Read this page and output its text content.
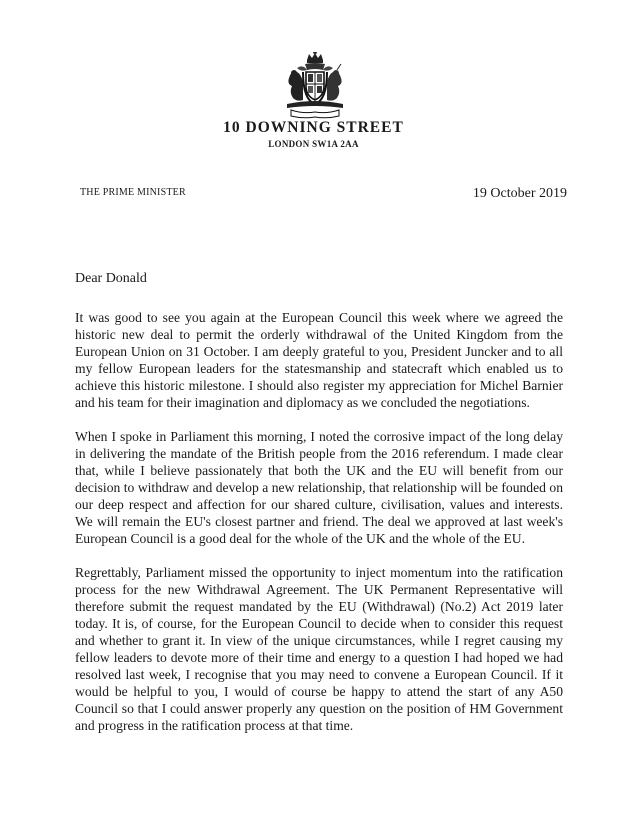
10 DOWNING STREET
LONDON SW1A 2AA
THE PRIME MINISTER	19 October 2019
Dear Donald

It was good to see you again at the European Council this week where we agreed the historic new deal to permit the orderly withdrawal of the United Kingdom from the European Union on 31 October. I am deeply grateful to you, President Juncker and to all my fellow European leaders for the statesmanship and statecraft which enabled us to achieve this historic milestone. I should also register my appreciation for Michel Barnier and his team for their imagination and diplomacy as we concluded the negotiations.

When I spoke in Parliament this morning, I noted the corrosive impact of the long delay in delivering the mandate of the British people from the 2016 referendum. I made clear that, while I believe passionately that both the UK and the EU will benefit from our decision to withdraw and develop a new relationship, that relationship will be founded on our deep respect and affection for our shared culture, civilisation, values and interests. We will remain the EU's closest partner and friend. The deal we approved at last week's European Council is a good deal for the whole of the UK and the whole of the EU.

Regrettably, Parliament missed the opportunity to inject momentum into the ratification process for the new Withdrawal Agreement. The UK Permanent Representative will therefore submit the request mandated by the EU (Withdrawal) (No.2) Act 2019 later today. It is, of course, for the European Council to decide when to consider this request and whether to grant it. In view of the unique circumstances, while I regret causing my fellow leaders to devote more of their time and energy to a question I had hoped we had resolved last week, I recognise that you may need to convene a European Council. If it would be helpful to you, I would of course be happy to attend the start of any A50 Council so that I could answer properly any question on the position of HM Government and progress in the ratification process at that time.
